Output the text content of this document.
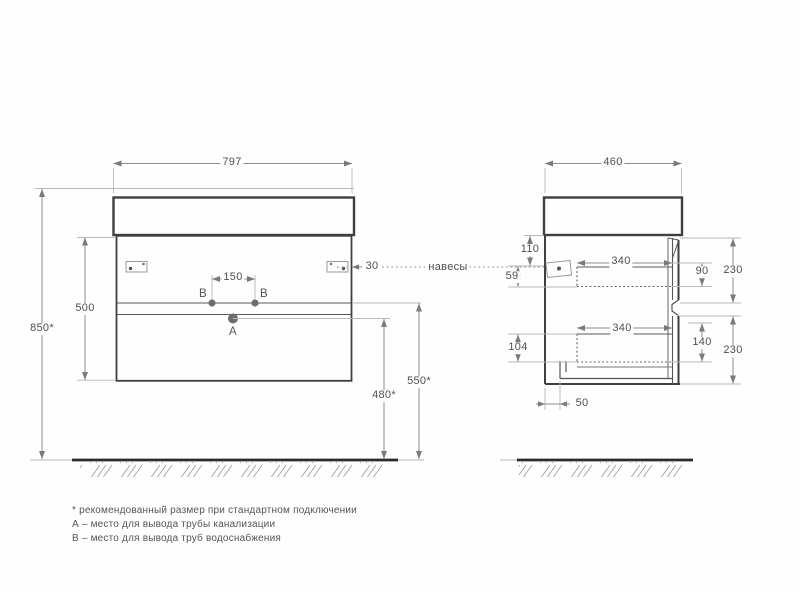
797
500
850*
150
30	навесы
550*
480*
В	В
А
460
110
59
340
340
90 230
104	140
230
50
* рекомендованный размер при стандартном подключении
А – место для вывода трубы канализации
В – место для вывода труб водоснабжения
